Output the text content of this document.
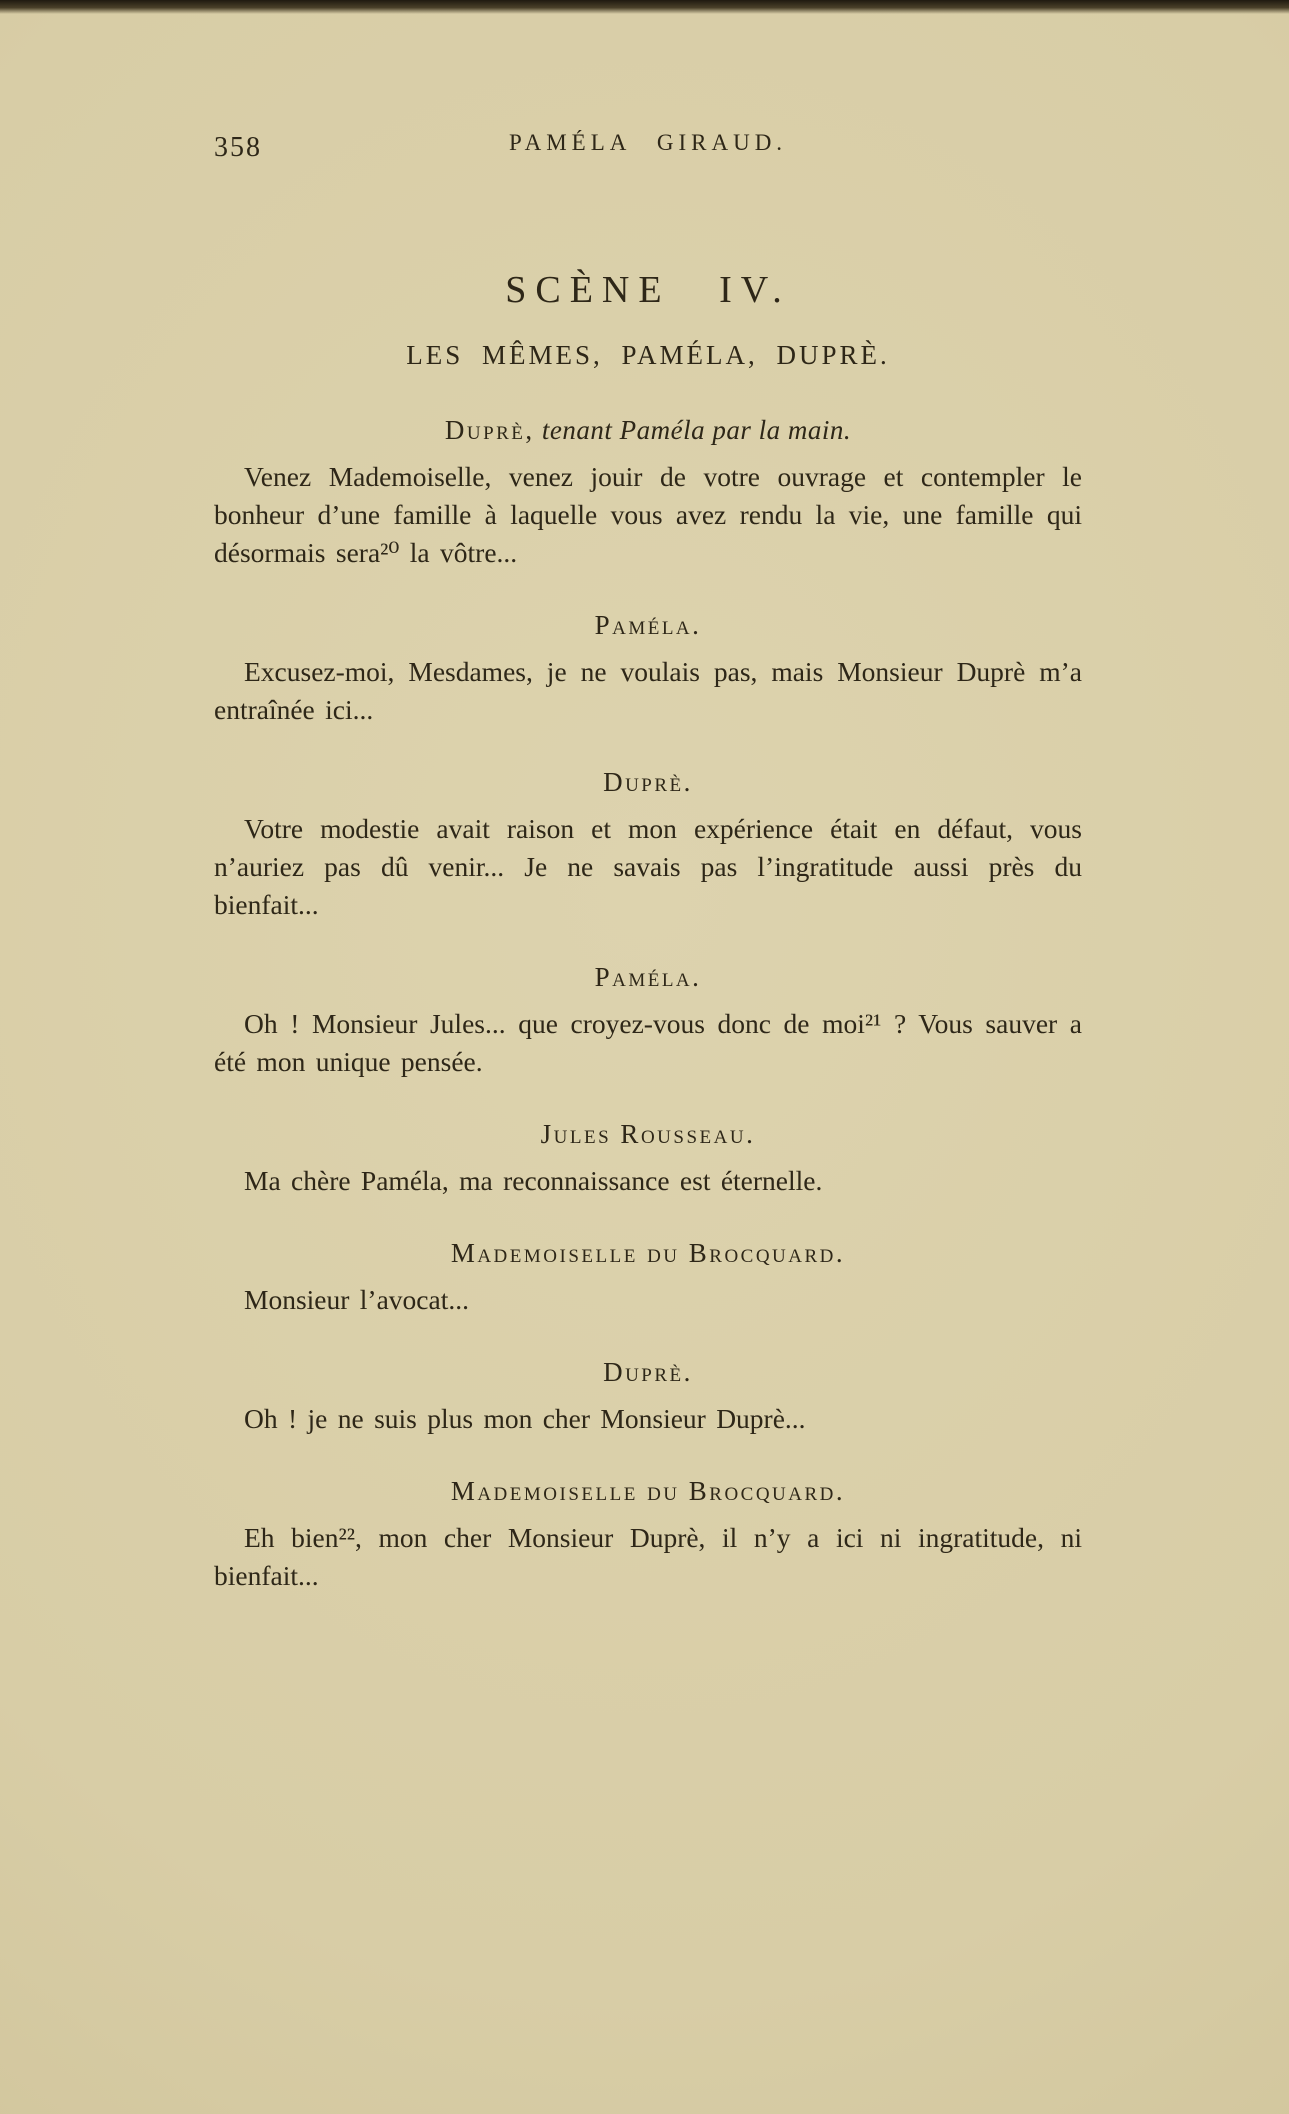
358	PAMÉLA GIRAUD.
SCÈNE IV.
LES MÊMES, PAMÉLA, DUPRÈ.
Duprè, tenant Paméla par la main.

Venez Mademoiselle, venez jouir de votre ouvrage et contempler le bonheur d’une famille à laquelle vous avez rendu la vie, une famille qui désormais sera²⁰ la vôtre...

Paméla.

Excusez-moi, Mesdames, je ne voulais pas, mais Monsieur Duprè m’a entraînée ici...

Duprè.

Votre modestie avait raison et mon expérience était en défaut, vous n’auriez pas dû venir... Je ne savais pas l’ingratitude aussi près du bienfait...

Paméla.

Oh ! Monsieur Jules... que croyez-vous donc de moi²¹ ? Vous sauver a été mon unique pensée.

Jules Rousseau.

Ma chère Paméla, ma reconnaissance est éternelle.

Mademoiselle du Brocquard.

Monsieur l’avocat...

Duprè.

Oh ! je ne suis plus mon cher Monsieur Duprè...

Mademoiselle du Brocquard.

Eh bien²², mon cher Monsieur Duprè, il n’y a ici ni ingratitude, ni bienfait...
